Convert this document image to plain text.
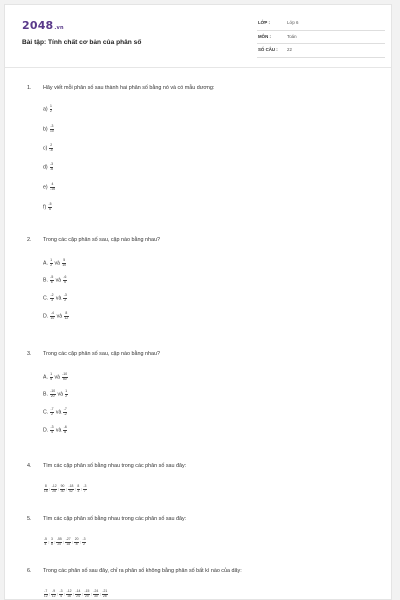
2048.vn
Bài tập: Tính chất cơ bản của phân số
LỚP :	Lớp 6
MÔN :	Toán
SỐ CÂU : 22
1. Hãy viết mỗi phân số sau thành hai phân số bằng nó và có mẫu dương:
$a) \frac{1}{2}$
$b) \frac{-3}{10}$
$c) \frac{2}{-5}$
$d) \frac{-3}{-8}$
$e) \frac{4}{-15}$
$f) \frac{-5}{6}$
2. Trong các cặp phân số sau, cặp nào bằng nhau?
A. $\frac{1}{2}$ và $\frac{5}{10}$
B. $\frac{-5}{6}$ và $\frac{-6}{5}$
C. $\frac{-2}{3}$ và $\frac{-3}{2}$
D. $\frac{-4}{10}$ và $\frac{8}{12}$
3. Trong các cặp phân số sau, cặp nào bằng nhau?
A. $\frac{1}{5}$ và $\frac{-10}{50}$
B. $\frac{-10}{20}$ và $\frac{1}{2}$
C. $\frac{-7}{2}$ và $\frac{-7}{-2}$
D. $\frac{-3}{4}$ và $\frac{-6}{8}$
4. Tìm các cặp phân số bằng nhau trong các phân số sau đây:
$\frac{8}{18}$ ; $\frac{-12}{28}$ ; $\frac{90}{30}$ ; $\frac{-18}{42}$ ; $\frac{8}{3}$ ; $\frac{-3}{7}$
5. Tìm các cặp phân số bằng nhau trong các phân số sau đây:
$\frac{-5}{4}$ ; $\frac{3}{8}$ ; $\frac{-55}{20}$ ; $\frac{-27}{18}$ ; $\frac{20}{8}$ ; $\frac{-3}{2}$
6. Trong các phân số sau đây, chỉ ra phân số không bằng phân số bất kì nào của dãy:
$\frac{-7}{12}$ ; $\frac{-9}{12}$ ; $\frac{-3}{4}$ ; $\frac{-12}{16}$ ; $\frac{-14}{24}$ ; $\frac{-15}{20}$ ; $\frac{-24}{30}$ ; $\frac{-21}{28}$
